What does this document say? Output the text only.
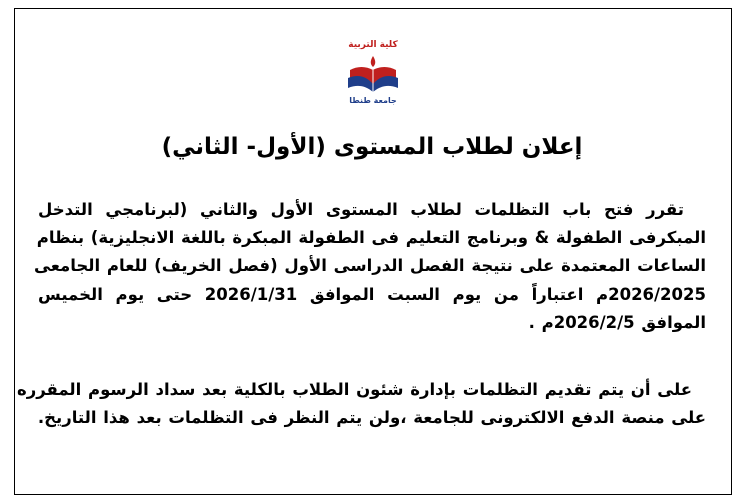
كلية التربية
جامعة طنطا
إعلان لطلاب المستوى (الأول- الثاني)
تقرر فتح باب التظلمات لطلاب المستوى الأول والثاني (لبرنامجي التدخل
المبكرفى الطفولة & وبرنامج التعليم فى الطفولة المبكرة باللغة الانجليزية) بنظام
الساعات المعتمدة على نتيجة الفصل الدراسى الأول (فصل الخريف) للعام الجامعى
2026/2025م اعتباراً من يوم السبت الموافق 2026/1/31 حتى يوم الخميس
الموافق 2026/2/5م .
على أن يتم تقديم التظلمات بإدارة شئون الطلاب بالكلية بعد سداد الرسوم المقرره
على منصة الدفع الالكترونى للجامعة ،ولن يتم النظر فى التظلمات بعد هذا التاريخ.
